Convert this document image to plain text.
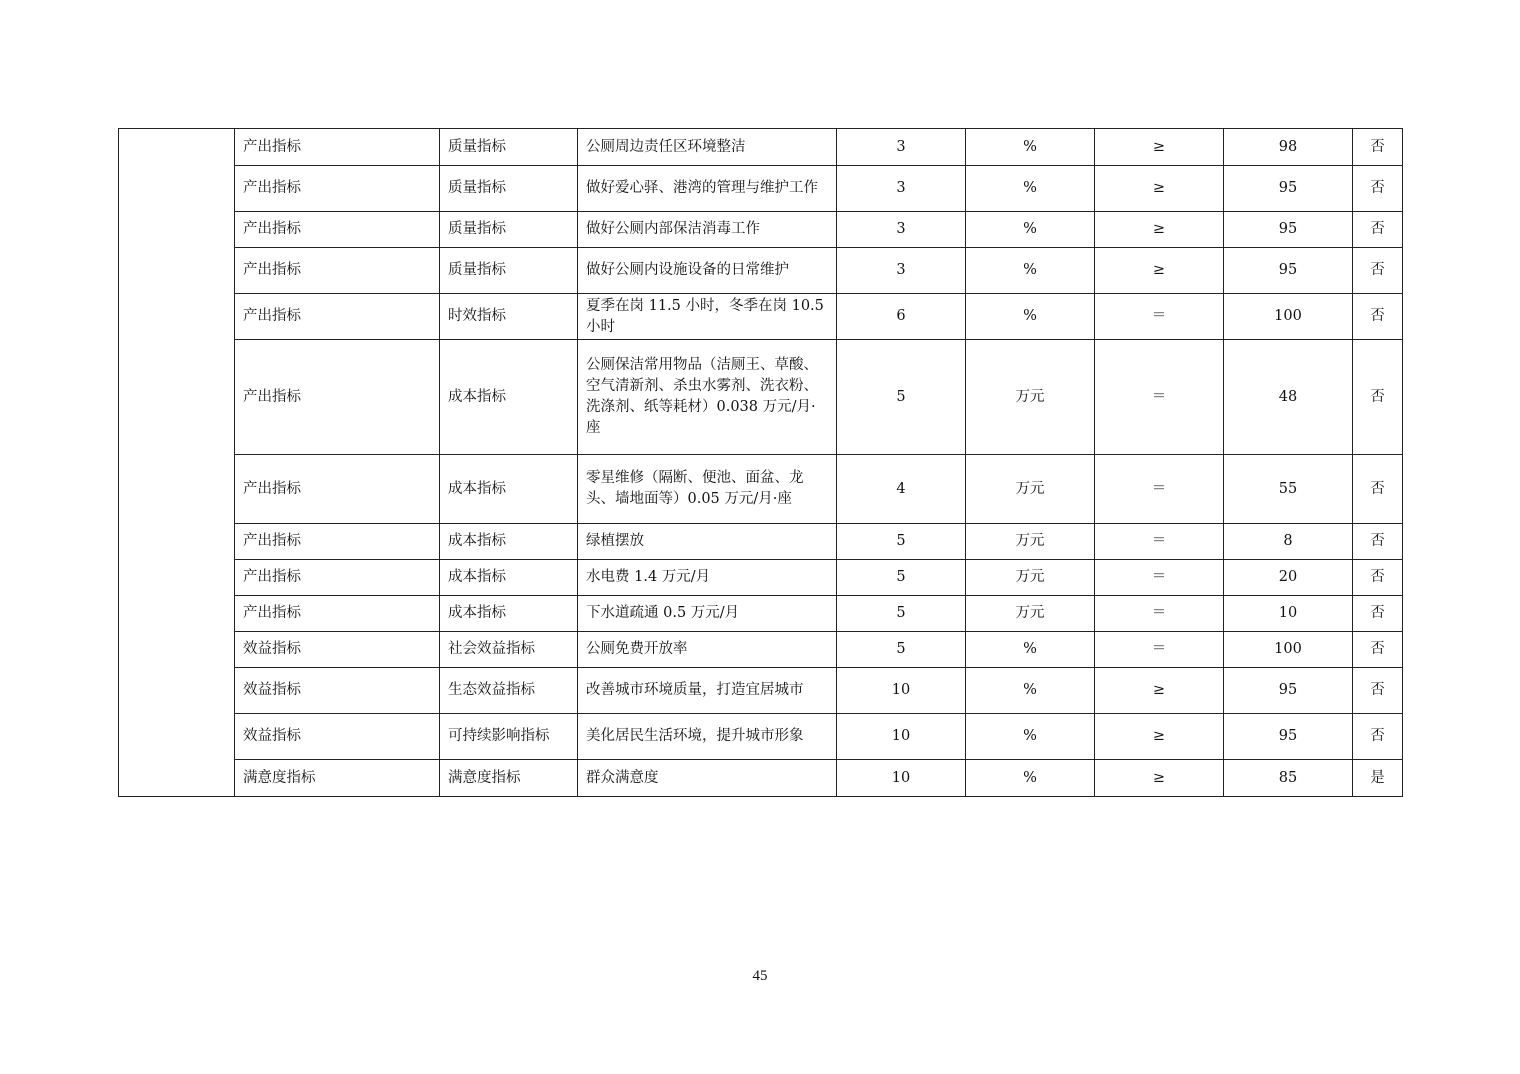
	产出指标	质量指标	公厕周边责任区环境整洁	3	%	≥	98	否
	产出指标	质量指标	做好爱心驿、港湾的管理与维护工作	3	%	≥	95	否
	产出指标	质量指标	做好公厕内部保洁消毒工作	3	%	≥	95	否
	产出指标	质量指标	做好公厕内设施设备的日常维护	3	%	≥	95	否
	产出指标	时效指标	夏季在岗 11.5 小时，冬季在岗 10.5 小时	6	%	＝	100	否
	产出指标	成本指标	公厕保洁常用物品（洁厕王、草酸、空气清新剂、杀虫水雾剂、洗衣粉、洗涤剂、纸等耗材）0.038 万元/月·座	5	万元	＝	48	否
	产出指标	成本指标	零星维修（隔断、便池、面盆、龙头、墙地面等）0.05 万元/月·座	4	万元	＝	55	否
	产出指标	成本指标	绿植摆放	5	万元	＝	8	否
	产出指标	成本指标	水电费 1.4 万元/月	5	万元	＝	20	否
	产出指标	成本指标	下水道疏通 0.5 万元/月	5	万元	＝	10	否
	效益指标	社会效益指标	公厕免费开放率	5	%	＝	100	否
	效益指标	生态效益指标	改善城市环境质量，打造宜居城市	10	%	≥	95	否
	效益指标	可持续影响指标	美化居民生活环境，提升城市形象	10	%	≥	95	否
	满意度指标	满意度指标	群众满意度	10	%	≥	85	是
45
